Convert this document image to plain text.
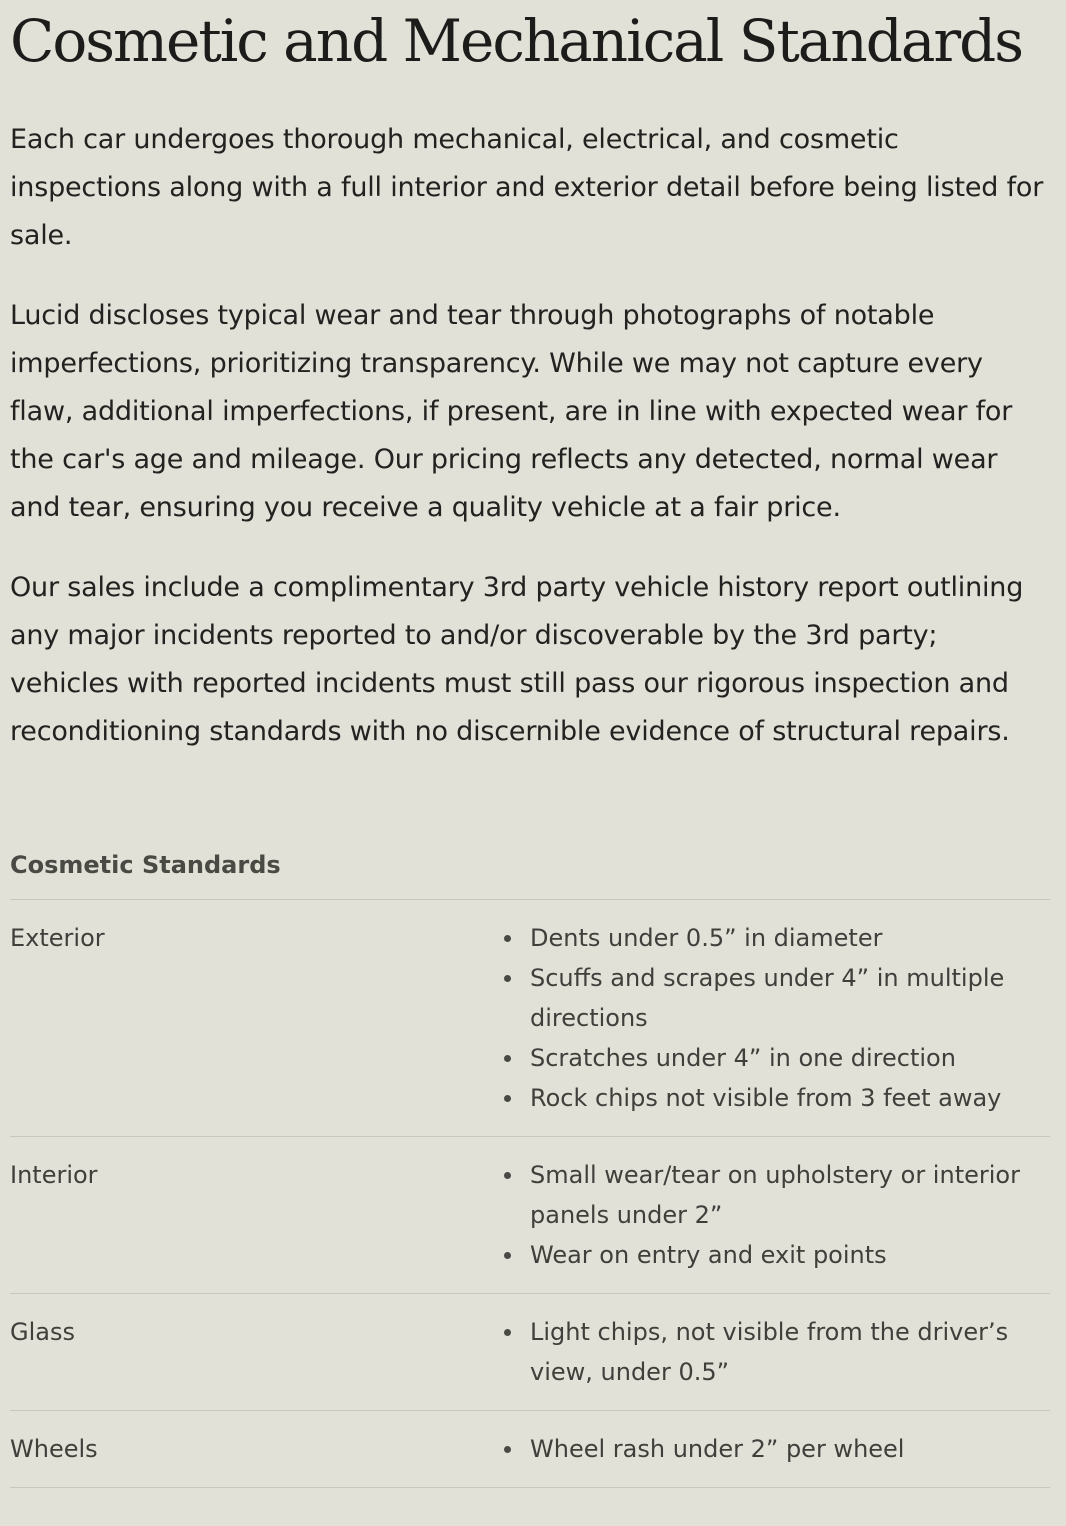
Cosmetic and Mechanical Standards

Each car undergoes thorough mechanical, electrical, and cosmetic inspections along with a full interior and exterior detail before being listed for sale.

Lucid discloses typical wear and tear through photographs of notable imperfections, prioritizing transparency. While we may not capture every flaw, additional imperfections, if present, are in line with expected wear for the car's age and mileage. Our pricing reflects any detected, normal wear and tear, ensuring you receive a quality vehicle at a fair price.

Our sales include a complimentary 3rd party vehicle history report outlining any major incidents reported to and/or discoverable by the 3rd party; vehicles with reported incidents must still pass our rigorous inspection and reconditioning standards with no discernible evidence of structural repairs.

Cosmetic Standards
Exterior	Dents under 0.5” in diameter
Scuffs and scrapes under 4” in multiple directions
Scratches under 4” in one direction
Rock chips not visible from 3 feet away
Interior	Small wear/tear on upholstery or interior panels under 2”
Wear on entry and exit points
Glass	Light chips, not visible from the driver’s view, under 0.5”
Wheels	Wheel rash under 2” per wheel
